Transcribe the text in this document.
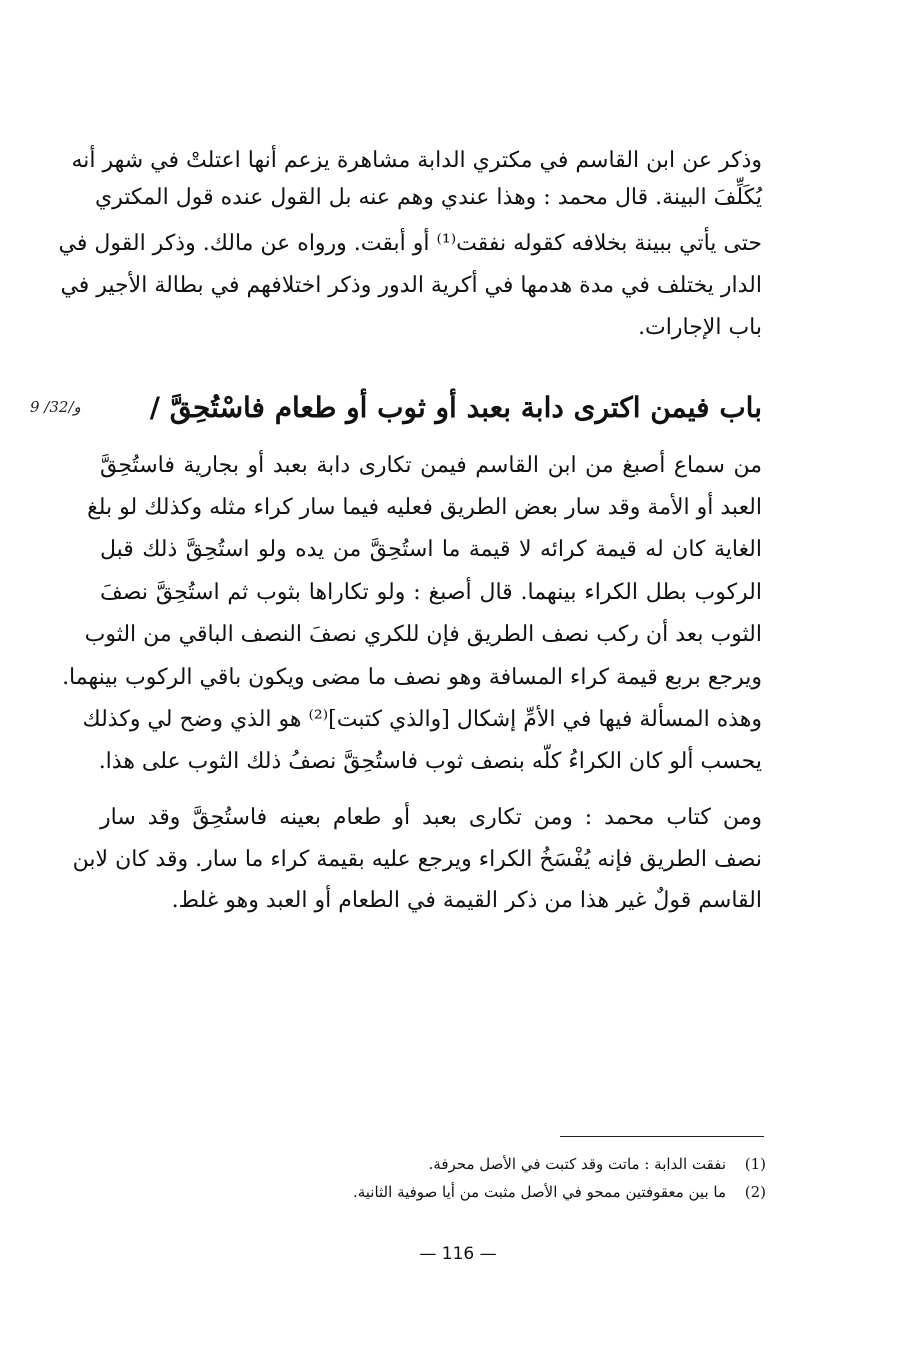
وذكر عن ابن القاسم في مكتري الدابة مشاهرة يزعم أنها اعتلتْ في شهر أنه
يُكَلِّفَ البينة. قال محمد : وهذا عندي وهم عنه بل القول عنده قول المكتري
حتى يأتي ببينة بخلافه كقوله نفقت⁽¹⁾ أو أبقت. ورواه عن مالك. وذكر القول في
الدار يختلف في مدة هدمها في أكرية الدور وذكر اختلافهم في بطالة الأجير في
باب الإجارات.
باب فيمن اكترى دابة بعبد أو ثوب أو طعام فاسْتُحِقَّ /
9 /32/و
من سماع أصبغ من ابن القاسم فيمن تكارى دابة بعبد أو بجارية فاستُحِقَّ
العبد أو الأمة وقد سار بعض الطريق فعليه فيما سار كراء مثله وكذلك لو بلغ
الغاية كان له قيمة كرائه لا قيمة ما استُحِقَّ من يده ولو استُحِقَّ ذلك قبل
الركوب بطل الكراء بينهما. قال أصبغ : ولو تكاراها بثوب ثم استُحِقَّ نصفَ
الثوب بعد أن ركب نصف الطريق فإن للكري نصفَ النصف الباقي من الثوب
ويرجع بربع قيمة كراء المسافة وهو نصف ما مضى ويكون باقي الركوب بينهما.
وهذه المسألة فيها في الأمِّ إشكال [والذي كتبت]⁽²⁾ هو الذي وضح لي وكذلك
يحسب ألو كان الكراءُ كلّه بنصف ثوب فاستُحِقَّ نصفُ ذلك الثوب على هذا.
ومن كتاب محمد : ومن تكارى بعبد أو طعام بعينه فاستُحِقَّ وقد سار
نصف الطريق فإنه يُفْسَخُ الكراء ويرجع عليه بقيمة كراء ما سار. وقد كان لابن
القاسم قولٌ غير هذا من ذكر القيمة في الطعام أو العبد وهو غلط.
(1)نفقت الدابة : ماتت وقد كتبت في الأصل محرفة.
(2)ما بين معقوفتين ممحو في الأصل مثبت من أيا صوفية الثانية.
— 116 —
